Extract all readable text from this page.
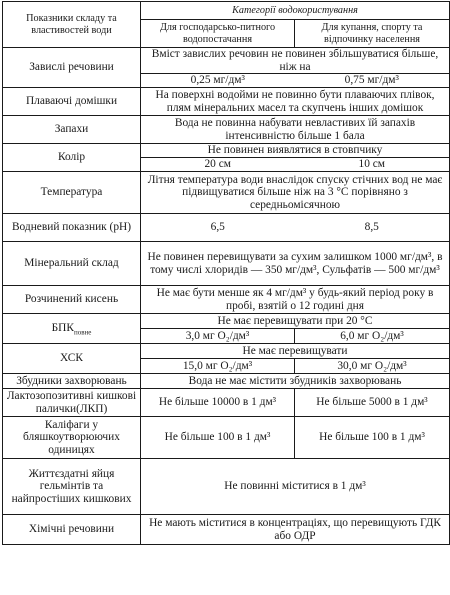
Показники складу та властивостей води	Категорії водокористування	
	Для господарсько-питного водопостачання	Для купання, спорту та відпочинку населення
Завислі речовини	Вміст завислих речовин не повинен збільшуватися більше, ніж на	
	0,25 мг/дм³	0,75 мг/дм³
Плаваючі домішки	На поверхні водойми не повинно бути плаваючих плівок, плям мінеральних масел та скупчень інших домішок	
Запахи	Вода не повинна набувати невластивих їй запахів інтенсивністю більше 1 бала	
Колір	Не повинен виявлятися в стовпчику	
	20 см	10 см
Температура	Літня температура води внаслідок спуску стічних вод не має підвищуватися більше ніж на 3 °С порівняно з середньомісячною	
Водневий показник (рН)	6,5	8,5
Мінеральний склад	Не повинен перевищувати за сухим залишком 1000 мг/дм³, в тому числі хлоридів — 350 мг/дм³, Сульфатів — 500 мг/дм³	
Розчинений кисень	Не має бути менше як 4 мг/дм³ у будь-який період року в пробі, взятій о 12 годині дня	
$БПК_{повне}$	Не має перевищувати при 20 °С	
	3,0 мг О₂/дм³	6,0 мг О₂/дм³
ХСК	Не має перевищувати	
	15,0 мг О₂/дм³	30,0 мг О₂/дм³
Збудники захворювань	Вода не має містити збудників захворювань	
Лактозопозитивні кишкові палички(ЛКП)	Не більше 10000 в 1 дм³	Не більше 5000 в 1 дм³
Каліфаги у бляшкоутворюючих одиницях	Не більше 100 в 1 дм³	Не більше 100 в 1 дм³
Життєздатні яйця гельмінтів та найпростіших кишкових	Не повинні міститися в 1 дм³	
Хімічні речовини	Не мають міститися в концентраціях, що перевищують ГДК або ОДР	
